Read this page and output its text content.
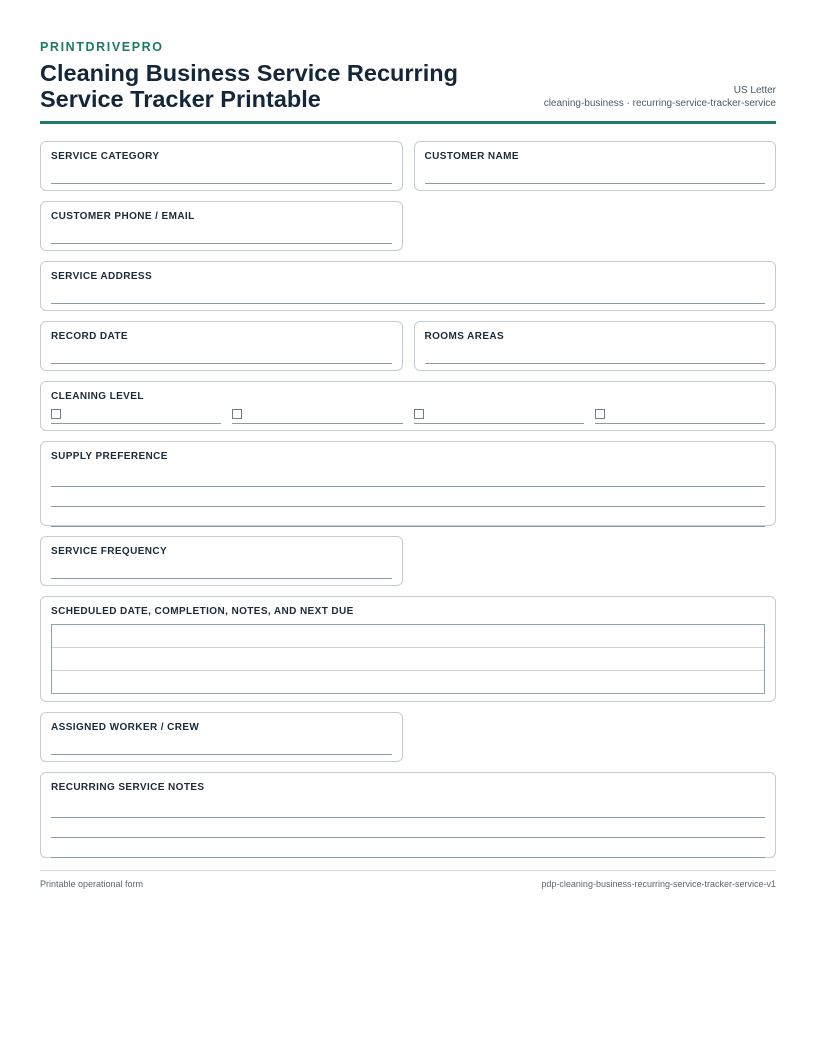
PRINTDRIVEPRO
Cleaning Business Service Recurring
Service Tracker Printable	US Letter
cleaning-business · recurring-service-tracker-service
SERVICE CATEGORY	CUSTOMER NAME
CUSTOMER PHONE / EMAIL
SERVICE ADDRESS
RECORD DATE	ROOMS AREAS
CLEANING LEVEL
SUPPLY PREFERENCE
SERVICE FREQUENCY
SCHEDULED DATE, COMPLETION, NOTES, AND NEXT DUE
ASSIGNED WORKER / CREW
RECURRING SERVICE NOTES
Printable operational form	pdp-cleaning-business-recurring-service-tracker-service-v1
